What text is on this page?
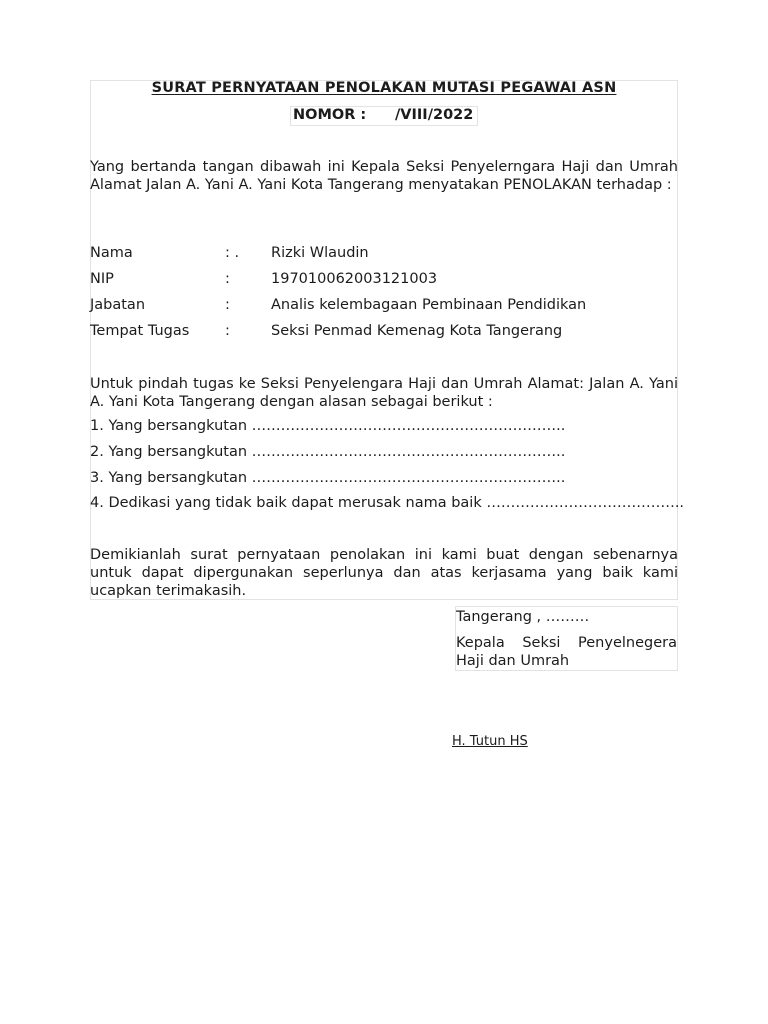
SURAT PERNYATAAN PENOLAKAN MUTASI PEGAWAI ASN
NOMOR : /VIII/2022
Yang bertanda tangan dibawah ini Kepala Seksi Penyelerngara Haji dan Umrah Alamat Jalan A. Yani A. Yani Kota Tangerang menyatakan PENOLAKAN terhadap :
Nama	: . Rizki Wlaudin
NIP	:	197010062003121003
Jabatan	:	Analis kelembagaan Pembinaan Pendidikan
Tempat Tugas :	Seksi Penmad Kemenag Kota Tangerang
Untuk pindah tugas ke Seksi Penyelengara Haji dan Umrah Alamat: Jalan A. Yani A. Yani Kota Tangerang dengan alasan sebagai berikut :
1. Yang bersangkutan ………………………………………………………..
2. Yang bersangkutan ………………………………………………………..
3. Yang bersangkutan ………………………………………………………..
4. Dedikasi yang tidak baik dapat merusak nama baik …………………………………..
Demikianlah surat pernyataan penolakan ini kami buat dengan sebenarnya untuk dapat dipergunakan seperlunya dan atas kerjasama yang baik kami ucapkan terimakasih.
Tangerang , ………
Kepala Seksi Penyelnegera Haji dan Umrah
H. Tutun HS
